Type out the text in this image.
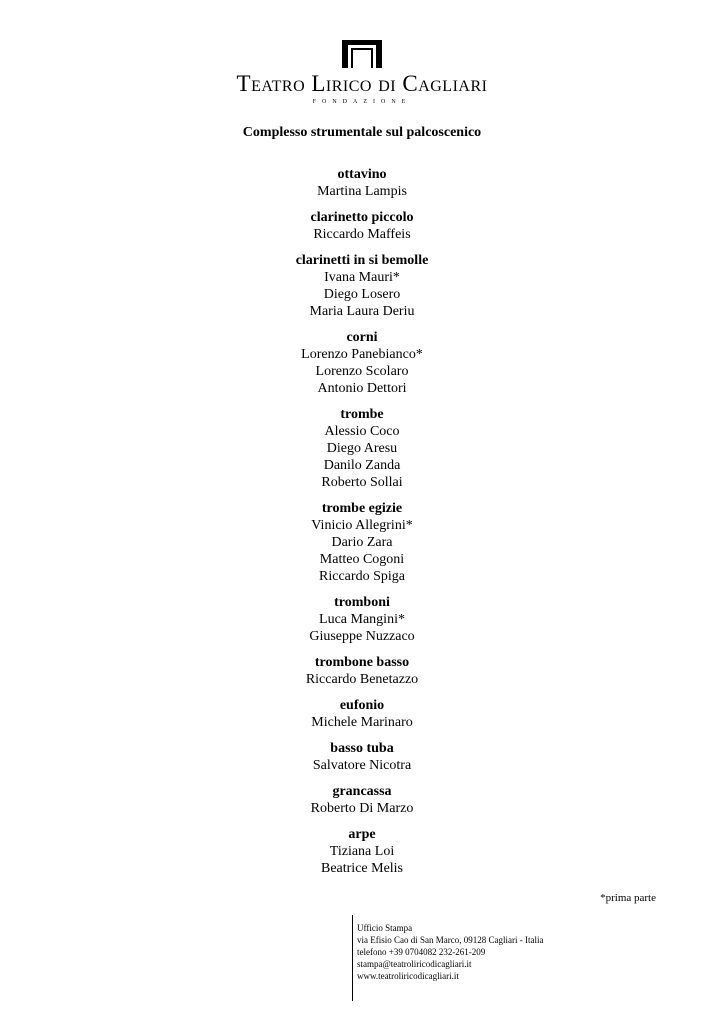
Teatro Lirico di Cagliari
FONDAZIONE
Complesso strumentale sul palcoscenico
ottavino
Martina Lampis
clarinetto piccolo
Riccardo Maffeis
clarinetti in si bemolle
Ivana Mauri*
Diego Losero
Maria Laura Deriu
corni
Lorenzo Panebianco*
Lorenzo Scolaro
Antonio Dettori
trombe
Alessio Coco
Diego Aresu
Danilo Zanda
Roberto Sollai
trombe egizie
Vinicio Allegrini*
Dario Zara
Matteo Cogoni
Riccardo Spiga
tromboni
Luca Mangini*
Giuseppe Nuzzaco
trombone basso
Riccardo Benetazzo
eufonio
Michele Marinaro
basso tuba
Salvatore Nicotra
grancassa
Roberto Di Marzo
arpe
Tiziana Loi
Beatrice Melis
*prima parte
Ufficio Stampa
via Efisio Cao di San Marco, 09128 Cagliari - Italia
telefono +39 0704082 232-261-209
stampa@teatroliricodicagliari.it
www.teatroliricodicagliari.it
